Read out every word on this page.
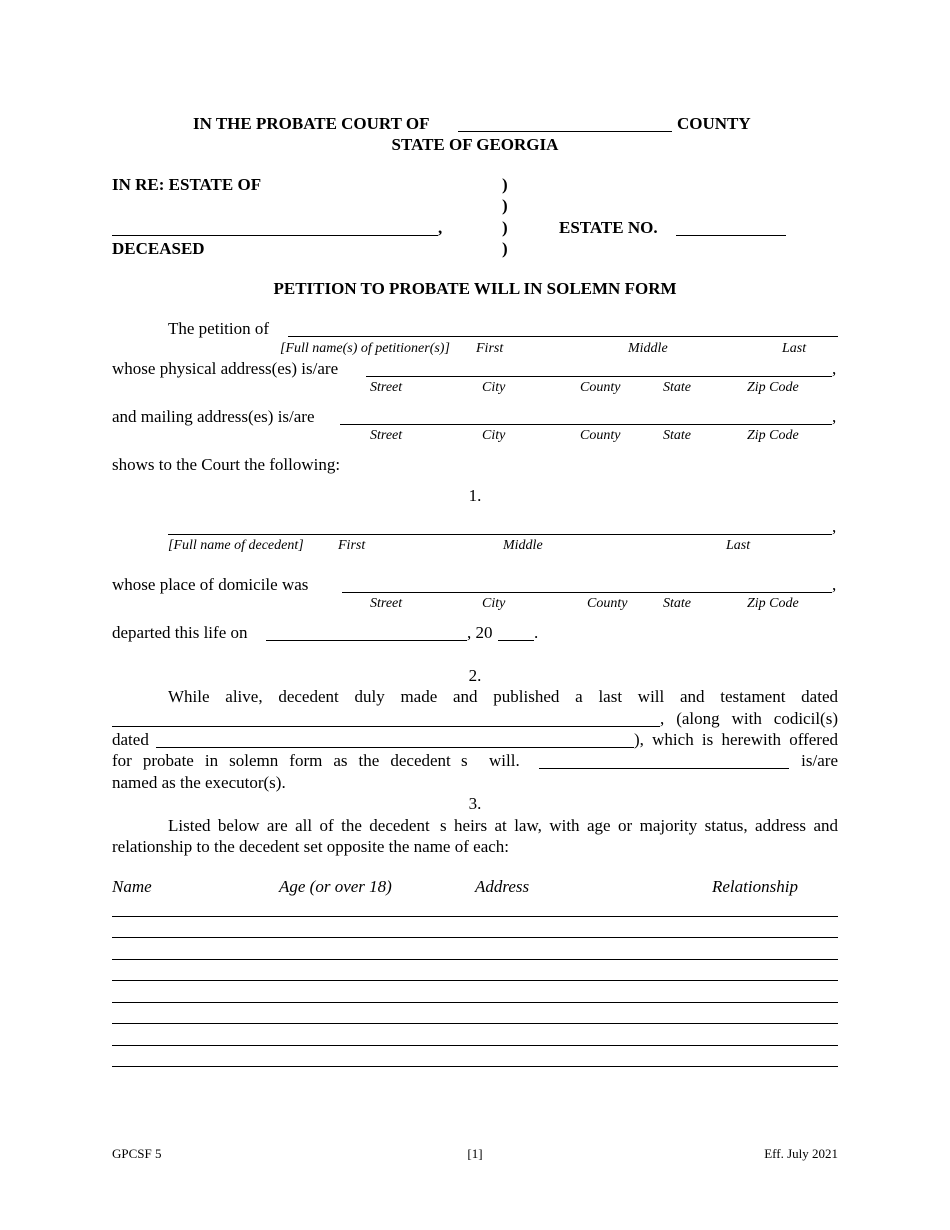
IN THE PROBATE COURT OF	COUNTY
STATE OF GEORGIA
IN RE: ESTATE OF
,
DECEASED
)
)
)
)
ESTATE NO.
PETITION TO PROBATE WILL IN SOLEMN FORM
The petition of
[Full name(s) of petitioner(s)] First	Middle	Last
whose physical address(es) is/are	,
Street	City	County	State	Zip Code
and mailing address(es) is/are	,
Street	City	County	State	Zip Code
shows to the Court the following:
1.
,
[Full name of decedent] First	Middle	Last
whose place of domicile was	,
Street	City	County	State	Zip Code
departed this life on	, 20 .
2.
While alive, decedent duly made and published a last will and testament dated
, (along with codicil(s)
dated	), which is herewith offered
for probate in solemn form as the decedents will.	is/are
named as the executor(s).
3.
Listed below are all of the decedents heirs at law, with age or majority status, address and
relationship to the decedent set opposite the name of each:
Name	Age (or over 18)	Address	Relationship
GPCSF 5	[1]	Eff. July 2021
